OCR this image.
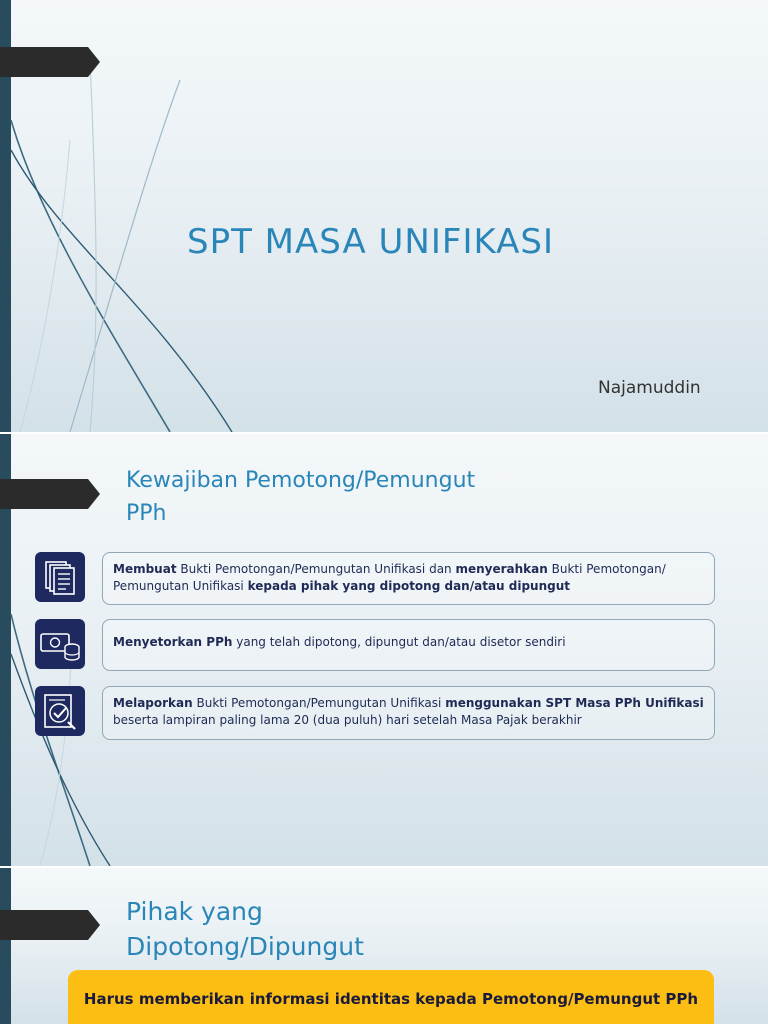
SPT MASA UNIFIKASI
Najamuddin
Kewajiban Pemotong/Pemungut
PPh
Membuat Bukti Pemotongan/Pemungutan Unifikasi dan menyerahkan Bukti Pemotongan/ Pemungutan Unifikasi kepada pihak yang dipotong dan/atau dipungut
Menyetorkan PPh yang telah dipotong, dipungut dan/atau disetor sendiri
Melaporkan Bukti Pemotongan/Pemungutan Unifikasi menggunakan SPT Masa PPh Unifikasi beserta lampiran paling lama 20 (dua puluh) hari setelah Masa Pajak berakhir
Pihak yang
Dipotong/Dipungut
Harus memberikan informasi identitas kepada Pemotong/Pemungut PPh
